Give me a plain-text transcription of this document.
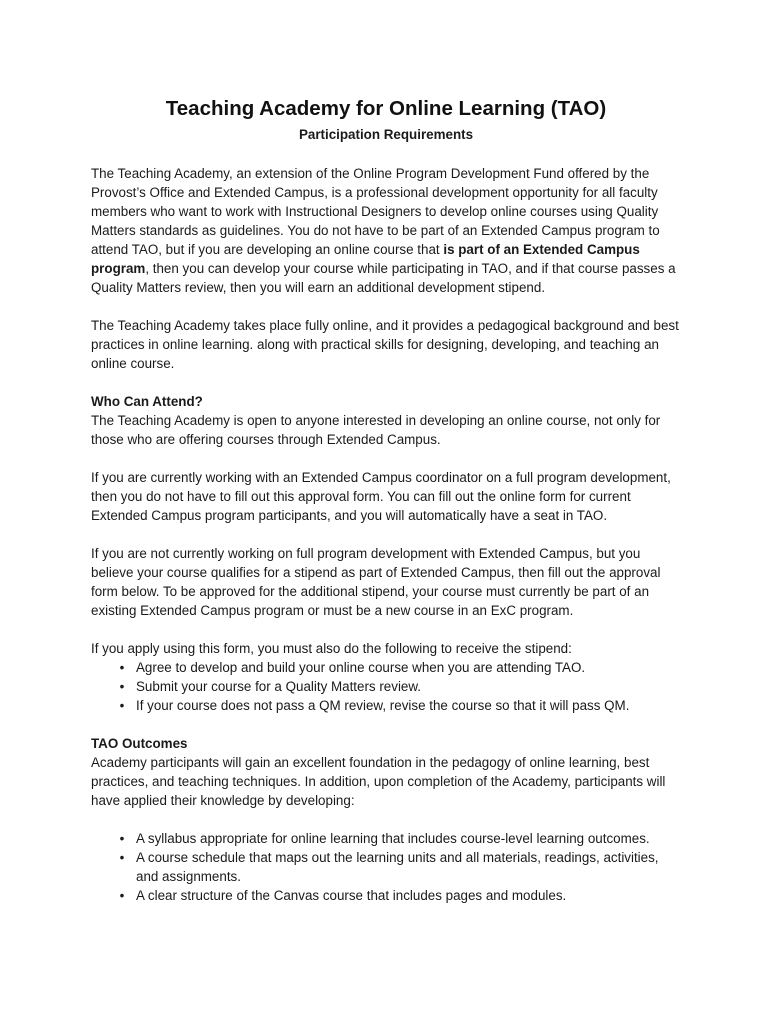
Teaching Academy for Online Learning (TAO)

Participation Requirements

The Teaching Academy, an extension of the Online Program Development Fund offered by the Provost’s Office and Extended Campus, is a professional development opportunity for all faculty members who want to work with Instructional Designers to develop online courses using Quality Matters standards as guidelines. You do not have to be part of an Extended Campus program to attend TAO, but if you are developing an online course that is part of an Extended Campus program, then you can develop your course while participating in TAO, and if that course passes a Quality Matters review, then you will earn an additional development stipend.

The Teaching Academy takes place fully online, and it provides a pedagogical background and best practices in online learning. along with practical skills for designing, developing, and teaching an online course.

Who Can Attend?

The Teaching Academy is open to anyone interested in developing an online course, not only for those who are offering courses through Extended Campus.

If you are currently working with an Extended Campus coordinator on a full program development, then you do not have to fill out this approval form. You can fill out the online form for current Extended Campus program participants, and you will automatically have a seat in TAO.

If you are not currently working on full program development with Extended Campus, but you believe your course qualifies for a stipend as part of Extended Campus, then fill out the approval form below. To be approved for the additional stipend, your course must currently be part of an existing Extended Campus program or must be a new course in an ExC program.

If you apply using this form, you must also do the following to receive the stipend:

• Agree to develop and build your online course when you are attending TAO.
• Submit your course for a Quality Matters review.
• If your course does not pass a QM review, revise the course so that it will pass QM.

TAO Outcomes

Academy participants will gain an excellent foundation in the pedagogy of online learning, best practices, and teaching techniques. In addition, upon completion of the Academy, participants will have applied their knowledge by developing:

• A syllabus appropriate for online learning that includes course-level learning outcomes.
• A course schedule that maps out the learning units and all materials, readings, activities, and assignments.
• A clear structure of the Canvas course that includes pages and modules.
